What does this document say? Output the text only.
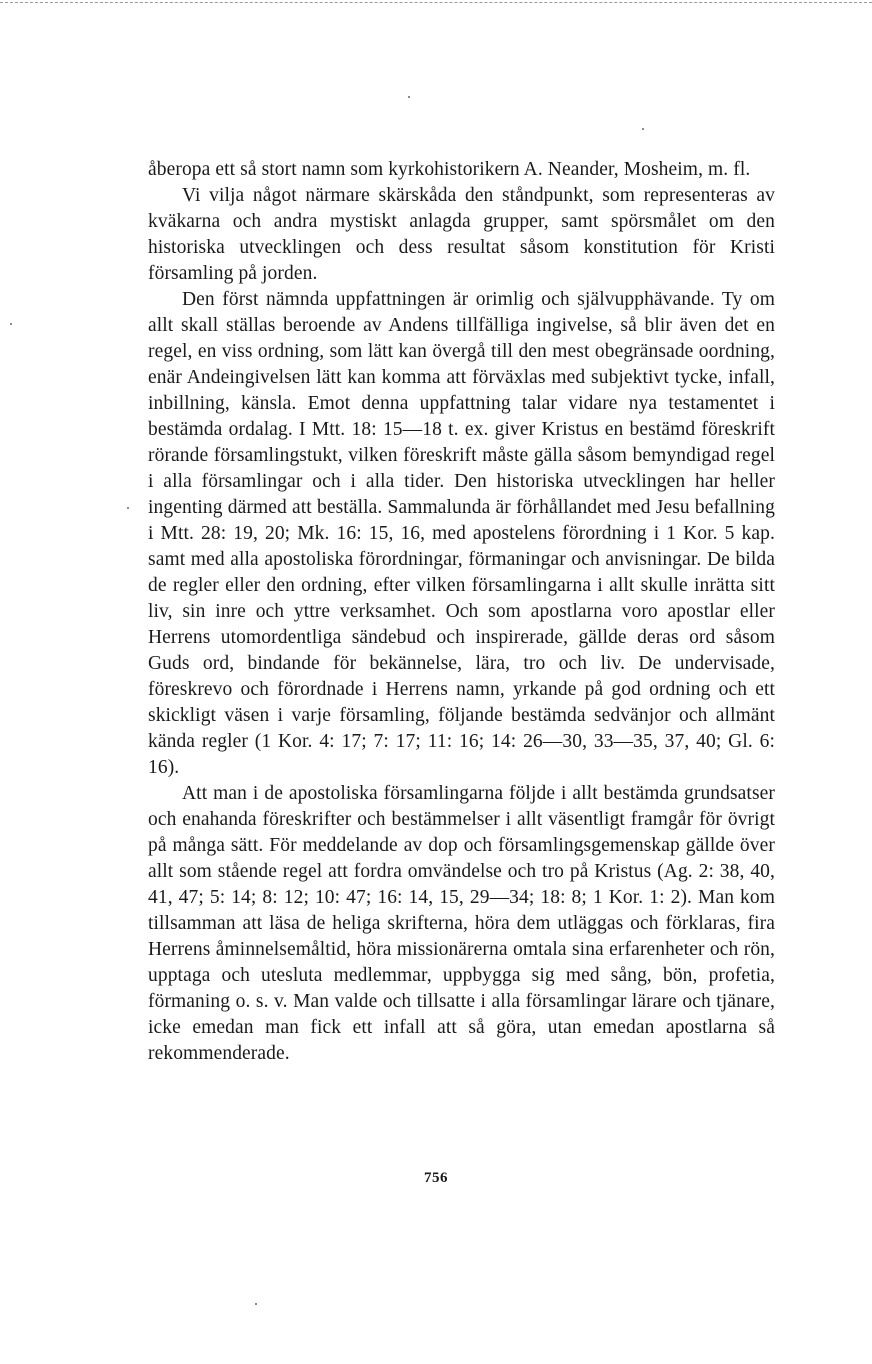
åberopa ett så stort namn som kyrkohistorikern A. Neander, Mosheim, m. fl.

Vi vilja något närmare skärskåda den ståndpunkt, som representeras av kväkarna och andra mystiskt anlagda grupper, samt spörsmålet om den historiska utvecklingen och dess resultat såsom konstitution för Kristi församling på jorden.

Den först nämnda uppfattningen är orimlig och självupphävande. Ty om allt skall ställas beroende av Andens tillfälliga ingivelse, så blir även det en regel, en viss ordning, som lätt kan övergå till den mest obegränsade oordning, enär Andeingivelsen lätt kan komma att förväxlas med subjektivt tycke, infall, inbillning, känsla. Emot denna uppfattning talar vidare nya testamentet i bestämda ordalag. I Mtt. 18: 15—18 t. ex. giver Kristus en bestämd föreskrift rörande församlingstukt, vilken föreskrift måste gälla såsom bemyndigad regel i alla församlingar och i alla tider. Den historiska utvecklingen har heller ingenting därmed att beställa. Sammalunda är förhållandet med Jesu befallning i Mtt. 28: 19, 20; Mk. 16: 15, 16, med apostelens förordning i 1 Kor. 5 kap. samt med alla apostoliska förordningar, förmaningar och anvisningar. De bilda de regler eller den ordning, efter vilken församlingarna i allt skulle inrätta sitt liv, sin inre och yttre verksamhet. Och som apostlarna voro apostlar eller Herrens utomordentliga sändebud och inspirerade, gällde deras ord såsom Guds ord, bindande för bekännelse, lära, tro och liv. De undervisade, föreskrevo och förordnade i Herrens namn, yrkande på god ordning och ett skickligt väsen i varje församling, följande bestämda sedvänjor och allmänt kända regler (1 Kor. 4: 17; 7: 17; 11: 16; 14: 26—30, 33—35, 37, 40; Gl. 6: 16).

Att man i de apostoliska församlingarna följde i allt bestämda grundsatser och enahanda föreskrifter och bestämmelser i allt väsentligt framgår för övrigt på många sätt. För meddelande av dop och församlingsgemenskap gällde över allt som stående regel att fordra omvändelse och tro på Kristus (Ag. 2: 38, 40, 41, 47; 5: 14; 8: 12; 10: 47; 16: 14, 15, 29—34; 18: 8; 1 Kor. 1: 2). Man kom tillsamman att läsa de heliga skrifterna, höra dem utläggas och förklaras, fira Herrens åminnelsemåltid, höra missionärerna omtala sina erfarenheter och rön, upptaga och utesluta medlemmar, uppbygga sig med sång, bön, profetia, förmaning o. s. v. Man valde och tillsatte i alla församlingar lärare och tjänare, icke emedan man fick ett infall att så göra, utan emedan apostlarna så rekommenderade.

756
